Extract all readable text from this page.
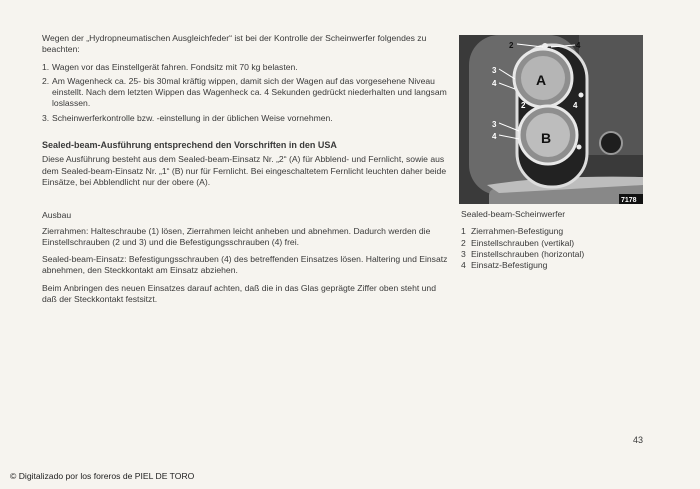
Wegen der „Hydropneumatischen Ausgleichfeder“ ist bei der Kontrolle der Scheinwerfer folgendes zu beachten:

1. Wagen vor das Einstellgerät fahren. Fondsitz mit 70 kg belasten.
2. Am Wagenheck ca. 25- bis 30mal kräftig wippen, damit sich der Wagen auf das vorgesehene Niveau einstellt. Nach dem letzten Wippen das Wagenheck ca. 4 Sekunden gedrückt niederhalten und langsam loslassen.
3. Scheinwerferkontrolle bzw. -einstellung in der üblichen Weise vornehmen.
Sealed-beam-Ausführung entsprechend den Vorschriften in den USA

Diese Ausführung besteht aus dem Sealed-beam-Einsatz Nr. „2“ (A) für Abblend- und Fernlicht, sowie aus dem Sealed-beam-Einsatz Nr. „1“ (B) nur für Fernlicht. Bei eingeschaltetem Fernlicht leuchten daher beide Einsätze, bei Abblendlicht nur der obere (A).

Ausbau

Zierrahmen: Halteschraube (1) lösen, Zierrahmen leicht anheben und abnehmen. Dadurch werden die Einstellschrauben (2 und 3) und die Befestigungsschrauben (4) frei.

Sealed-beam-Einsatz: Befestigungsschrauben (4) des betreffenden Einsatzes lösen. Haltering und Einsatz abnehmen, den Steckkontakt am Einsatz abziehen.

Beim Anbringen des neuen Einsatzes darauf achten, daß die in das Glas geprägte Ziffer oben steht und daß der Steckkontakt festsitzt.

2	4
3
4
2	4
3
4
A
B
7178
Sealed-beam-Scheinwerfer
1 Zierrahmen-Befestigung
2 Einstellschrauben (vertikal)
3 Einstellschrauben (horizontal)
4 Einsatz-Befestigung
43
© Digitalizado por los foreros de PIEL DE TORO
